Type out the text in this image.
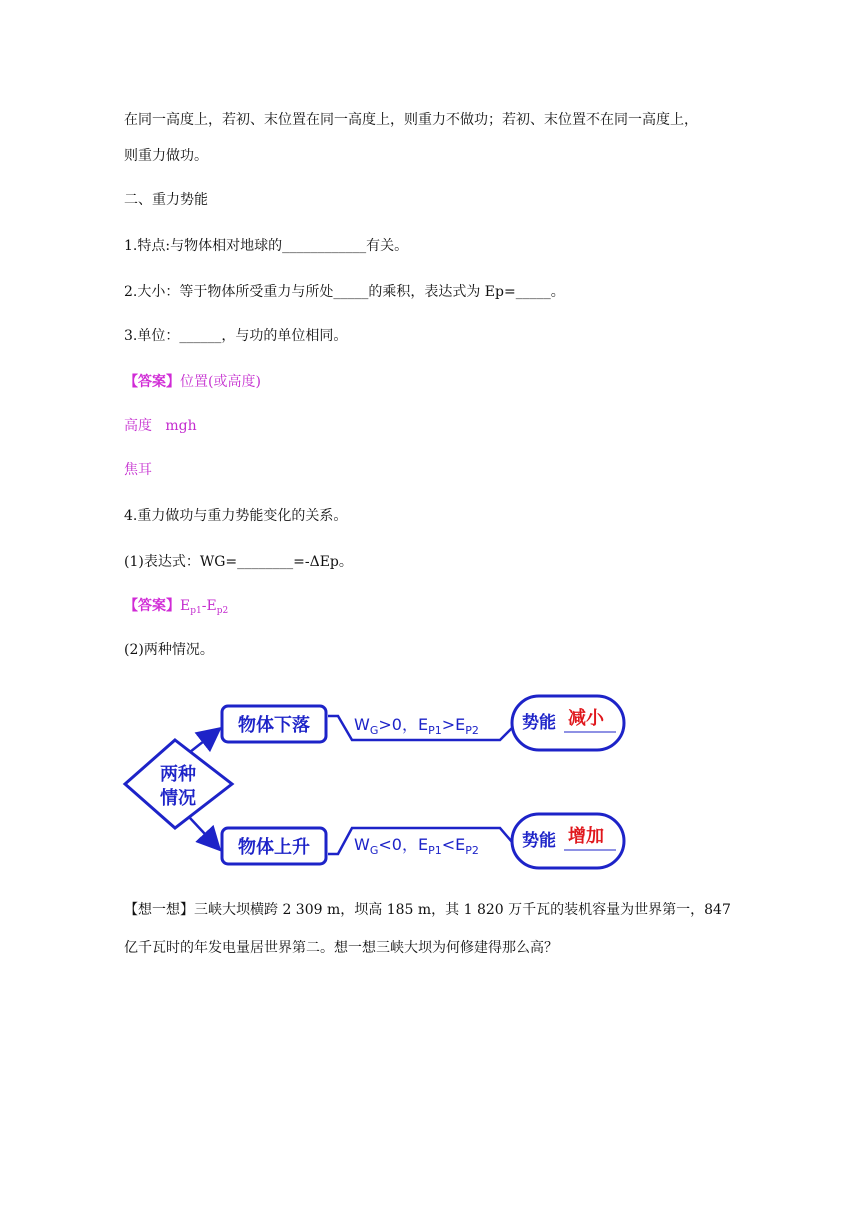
在同一高度上，若初、末位置在同一高度上，则重力不做功；若初、末位置不在同一高度上，
则重力做功。
二、重力势能
1.特点:与物体相对地球的____________有关。
2.大小：等于物体所受重力与所处_____的乘积，表达式为 Ep=_____。
3.单位：______，与功的单位相同。
【答案】位置(或高度)
高度   mgh
焦耳
4.重力做功与重力势能变化的关系。
(1)表达式：WG=________=-ΔEp。
【答案】$E_{p1}-E_{p2}$
(2)两种情况。
两种
情况
物体下落
物体上升
$W_G>0$，$E_{P1}>E_{P2}$
$W_G<0$，$E_{P1}<E_{P2}$
势能 减小
势能 增加
【想一想】三峡大坝横跨 2 309 m，坝高 185 m，其 1 820 万千瓦的装机容量为世界第一，847
亿千瓦时的年发电量居世界第二。想一想三峡大坝为何修建得那么高？
